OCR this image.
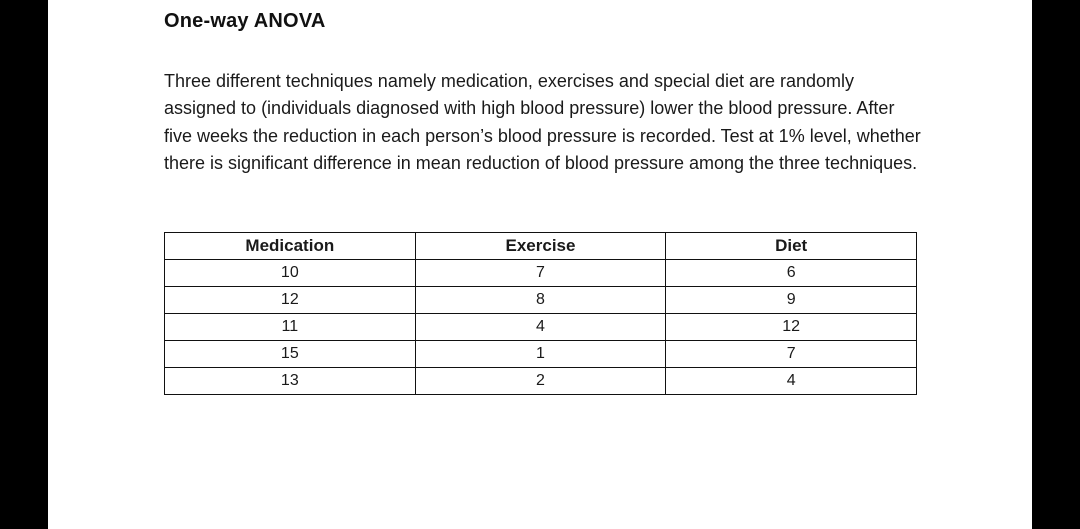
One-way ANOVA

Three different techniques namely medication, exercises and special diet are randomly assigned to (individuals diagnosed with high blood pressure) lower the blood pressure. After five weeks the reduction in each person’s blood pressure is recorded. Test at 1% level, whether there is significant difference in mean reduction of blood pressure among the three techniques.

Medication	Exercise	Diet
10	7	6
12	8	9
11	4	12
15	1	7
13	2	4
